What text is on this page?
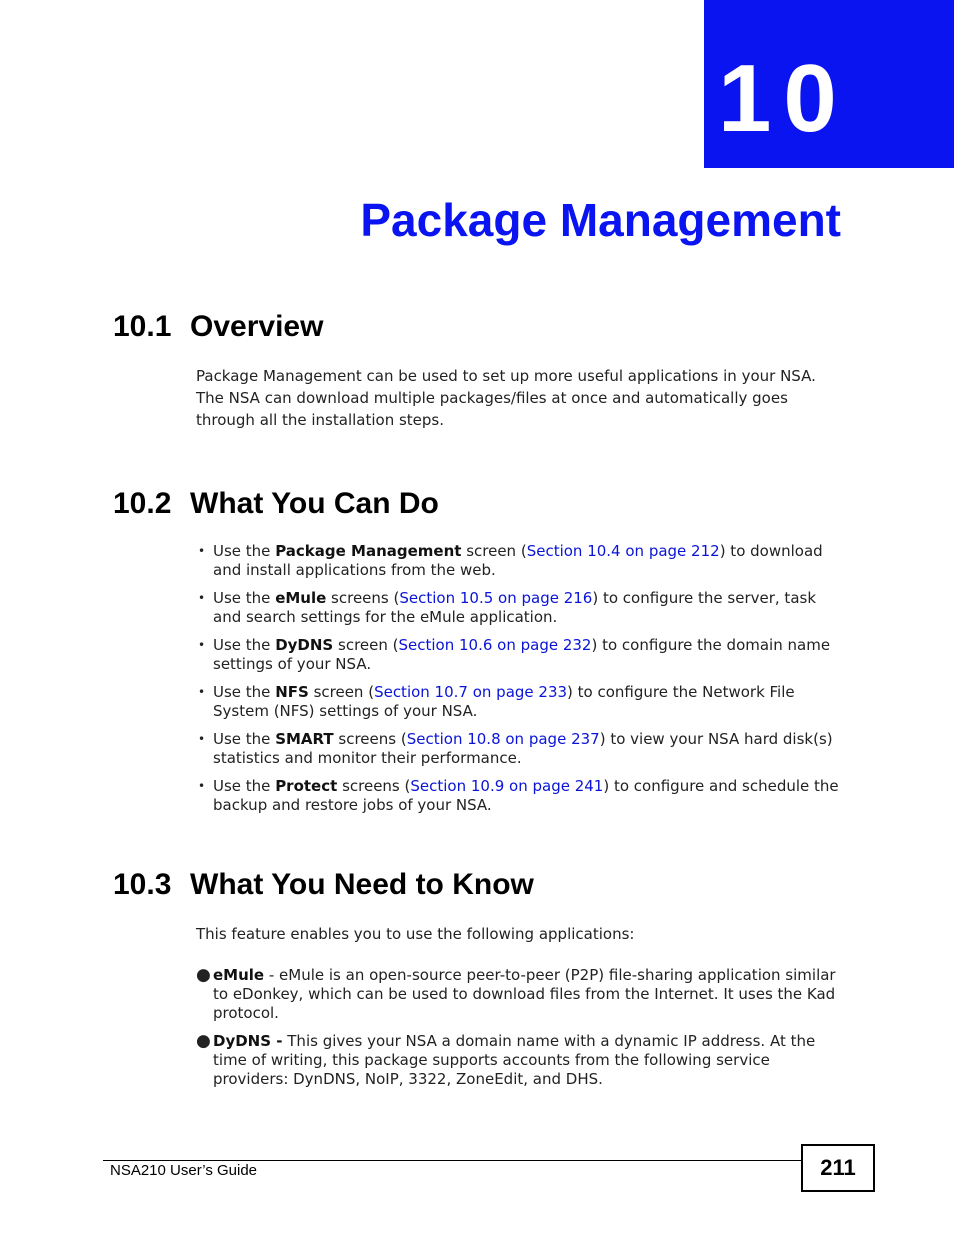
10
Package Management
10.1 Overview
Package Management can be used to set up more useful applications in your NSA. The NSA can download multiple packages/files at once and automatically goes through all the installation steps.
10.2 What You Can Do
• Use the Package Management screen (Section 10.4 on page 212) to download and install applications from the web.
• Use the eMule screens (Section 10.5 on page 216) to configure the server, task and search settings for the eMule application.
• Use the DyDNS screen (Section 10.6 on page 232) to configure the domain name settings of your NSA.
• Use the NFS screen (Section 10.7 on page 233) to configure the Network File System (NFS) settings of your NSA.
• Use the SMART screens (Section 10.8 on page 237) to view your NSA hard disk(s) statistics and monitor their performance.
• Use the Protect screens (Section 10.9 on page 241) to configure and schedule the backup and restore jobs of your NSA.
10.3 What You Need to Know
This feature enables you to use the following applications:
● eMule - eMule is an open-source peer-to-peer (P2P) file-sharing application similar to eDonkey, which can be used to download files from the Internet. It uses the Kad protocol.
● DyDNS - This gives your NSA a domain name with a dynamic IP address. At the time of writing, this package supports accounts from the following service providers: DynDNS, NoIP, 3322, ZoneEdit, and DHS.
NSA210 User’s Guide	211
